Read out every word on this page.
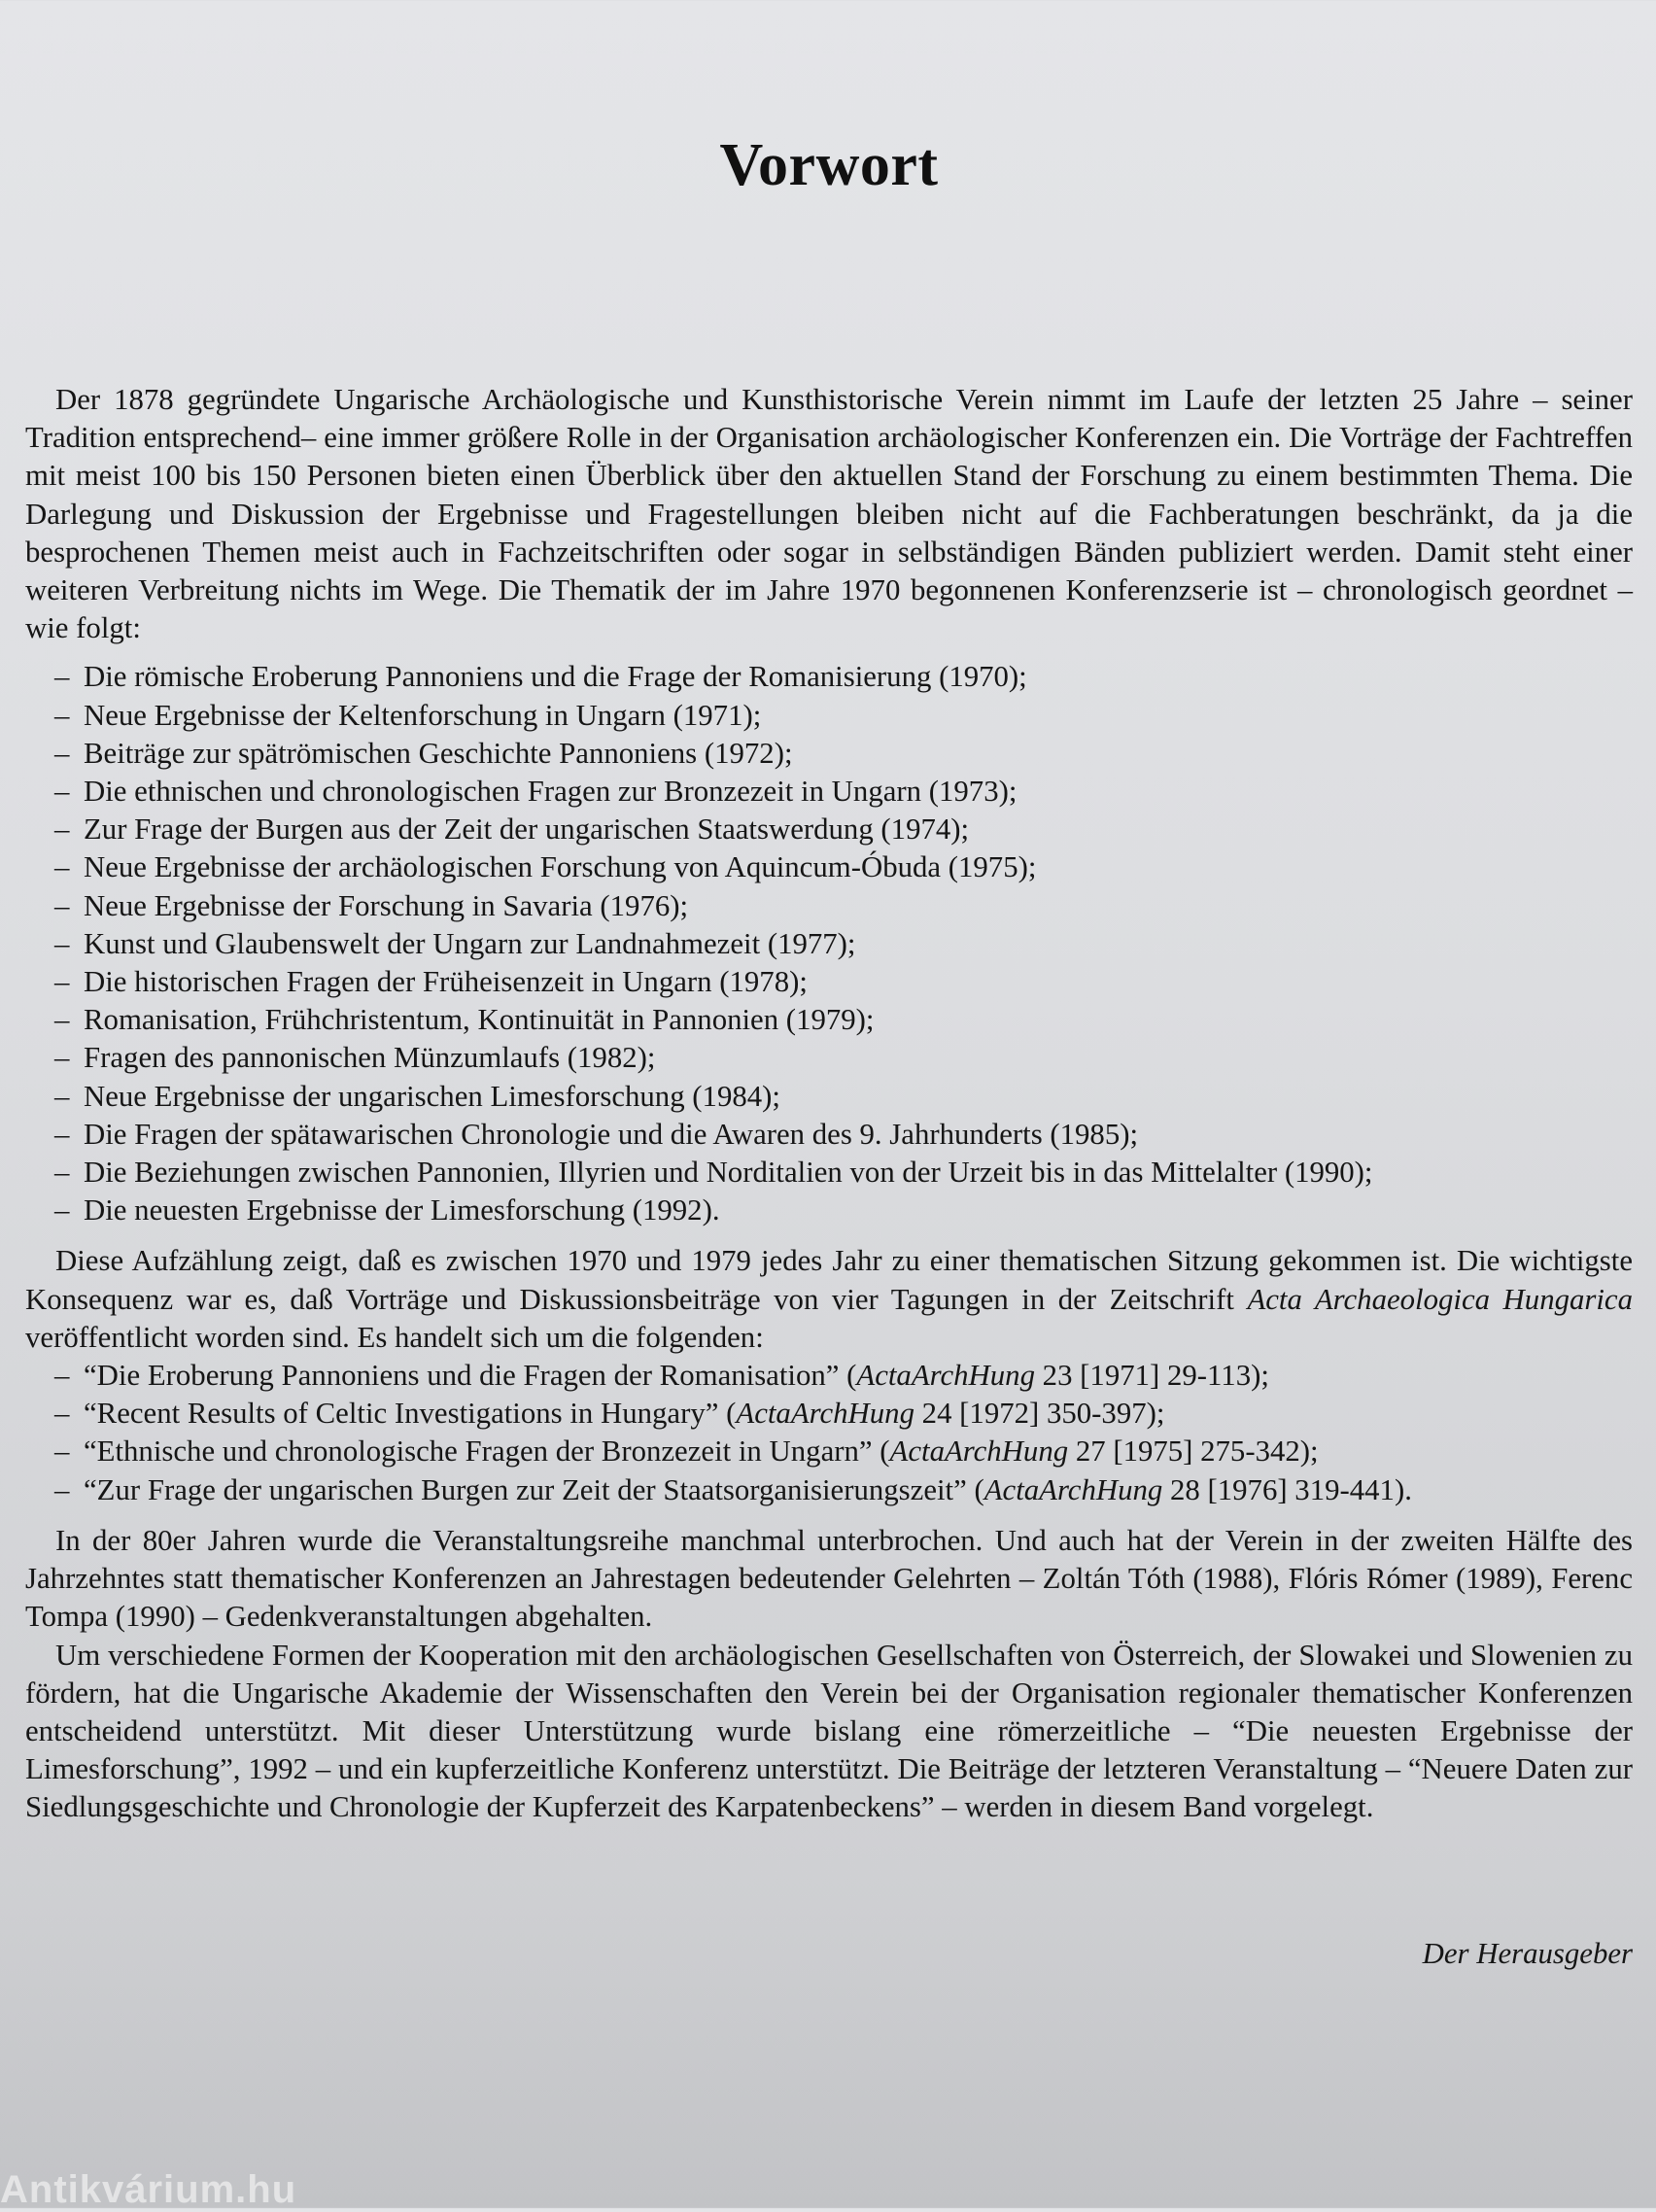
Vorwort

Der 1878 gegründete Ungarische Archäologische und Kunsthistorische Verein nimmt im Laufe der letzten 25 Jahre – seiner Tradition entsprechend– eine immer größere Rolle in der Organisation archäologischer Konferenzen ein. Die Vorträge der Fachtreffen mit meist 100 bis 150 Personen bieten einen Überblick über den aktuellen Stand der Forschung zu einem bestimmten Thema. Die Darlegung und Diskussion der Ergebnisse und Fragestellungen bleiben nicht auf die Fachberatungen beschränkt, da ja die besprochenen Themen meist auch in Fachzeitschriften oder sogar in selbständigen Bänden publiziert werden. Damit steht einer weiteren Verbreitung nichts im Wege. Die Thematik der im Jahre 1970 begonnenen Konferenzserie ist – chronologisch geordnet – wie folgt:

– Die römische Eroberung Pannoniens und die Frage der Romanisierung (1970);
– Neue Ergebnisse der Keltenforschung in Ungarn (1971);
– Beiträge zur spätrömischen Geschichte Pannoniens (1972);
– Die ethnischen und chronologischen Fragen zur Bronzezeit in Ungarn (1973);
– Zur Frage der Burgen aus der Zeit der ungarischen Staatswerdung (1974);
– Neue Ergebnisse der archäologischen Forschung von Aquincum-Óbuda (1975);
– Neue Ergebnisse der Forschung in Savaria (1976);
– Kunst und Glaubenswelt der Ungarn zur Landnahmezeit (1977);
– Die historischen Fragen der Früheisenzeit in Ungarn (1978);
– Romanisation, Frühchristentum, Kontinuität in Pannonien (1979);
– Fragen des pannonischen Münzumlaufs (1982);
– Neue Ergebnisse der ungarischen Limesforschung (1984);
– Die Fragen der spätawarischen Chronologie und die Awaren des 9. Jahrhunderts (1985);
– Die Beziehungen zwischen Pannonien, Illyrien und Norditalien von der Urzeit bis in das Mittelalter (1990);
– Die neuesten Ergebnisse der Limesforschung (1992).

Diese Aufzählung zeigt, daß es zwischen 1970 und 1979 jedes Jahr zu einer thematischen Sitzung gekommen ist. Die wichtigste Konsequenz war es, daß Vorträge und Diskussionsbeiträge von vier Tagungen in der Zeitschrift Acta Archaeologica Hungarica veröffentlicht worden sind. Es handelt sich um die folgenden:

– “Die Eroberung Pannoniens und die Fragen der Romanisation” (ActaArchHung 23 [1971] 29-113);
– “Recent Results of Celtic Investigations in Hungary” (ActaArchHung 24 [1972] 350-397);
– “Ethnische und chronologische Fragen der Bronzezeit in Ungarn” (ActaArchHung 27 [1975] 275-342);
– “Zur Frage der ungarischen Burgen zur Zeit der Staatsorganisierungszeit” (ActaArchHung 28 [1976] 319-441).

In der 80er Jahren wurde die Veranstaltungsreihe manchmal unterbrochen. Und auch hat der Verein in der zweiten Hälfte des Jahrzehntes statt thematischer Konferenzen an Jahrestagen bedeutender Gelehrten – Zoltán Tóth (1988), Flóris Rómer (1989), Ferenc Tompa (1990) – Gedenkveranstaltungen abgehalten.

Um verschiedene Formen der Kooperation mit den archäologischen Gesellschaften von Österreich, der Slowakei und Slowenien zu fördern, hat die Ungarische Akademie der Wissenschaften den Verein bei der Organisation regionaler thematischer Konferenzen entscheidend unterstützt. Mit dieser Unterstützung wurde bislang eine römerzeitliche – “Die neuesten Ergebnisse der Limesforschung”, 1992 – und ein kupferzeitliche Konferenz unterstützt. Die Beiträge der letzteren Veranstaltung – “Neuere Daten zur Siedlungsgeschichte und Chronologie der Kupferzeit des Karpatenbeckens” – werden in diesem Band vorgelegt.

Der Herausgeber
Antikvárium.hu
